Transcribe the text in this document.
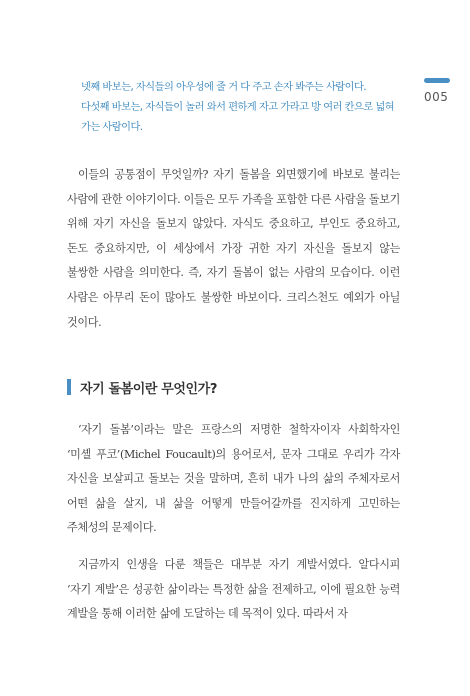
005

넷째 바보는, 자식들의 아우성에 줄 거 다 주고 손자 봐주는 사람이다.

다섯째 바보는, 자식들이 놀러 와서 편하게 자고 가라고 방 여러 칸으로 넓혀

가는 사람이다.

이들의 공통점이 무엇일까? 자기 돌봄을 외면했기에 바보로 불리는 사람에 관한 이야기이다. 이들은 모두 가족을 포함한 다른 사람을 돌보기 위해 자기 자신을 돌보지 않았다. 자식도 중요하고, 부인도 중요하고, 돈도 중요하지만, 이 세상에서 가장 귀한 자기 자신을 돌보지 않는 불쌍한 사람을 의미한다. 즉, 자기 돌봄이 없는 사람의 모습이다. 이런 사람은 아무리 돈이 많아도 불쌍한 바보이다. 크리스천도 예외가 아닐 것이다.

자기 돌봄이란 무엇인가?

‘자기 돌봄’이라는 말은 프랑스의 저명한 철학자이자 사회학자인 ‘미셸 푸코’(Michel Foucault)의 용어로서, 문자 그대로 우리가 각자 자신을 보살피고 돌보는 것을 말하며, 흔히 내가 나의 삶의 주체자로서 어떤 삶을 살지, 내 삶을 어떻게 만들어갈까를 진지하게 고민하는 주체성의 문제이다.

지금까지 인생을 다룬 책들은 대부분 자기 계발서였다. 알다시피 ‘자기 계발’은 성공한 삶이라는 특정한 삶을 전제하고, 이에 필요한 능력 계발을 통해 이러한 삶에 도달하는 데 목적이 있다. 따라서 자
